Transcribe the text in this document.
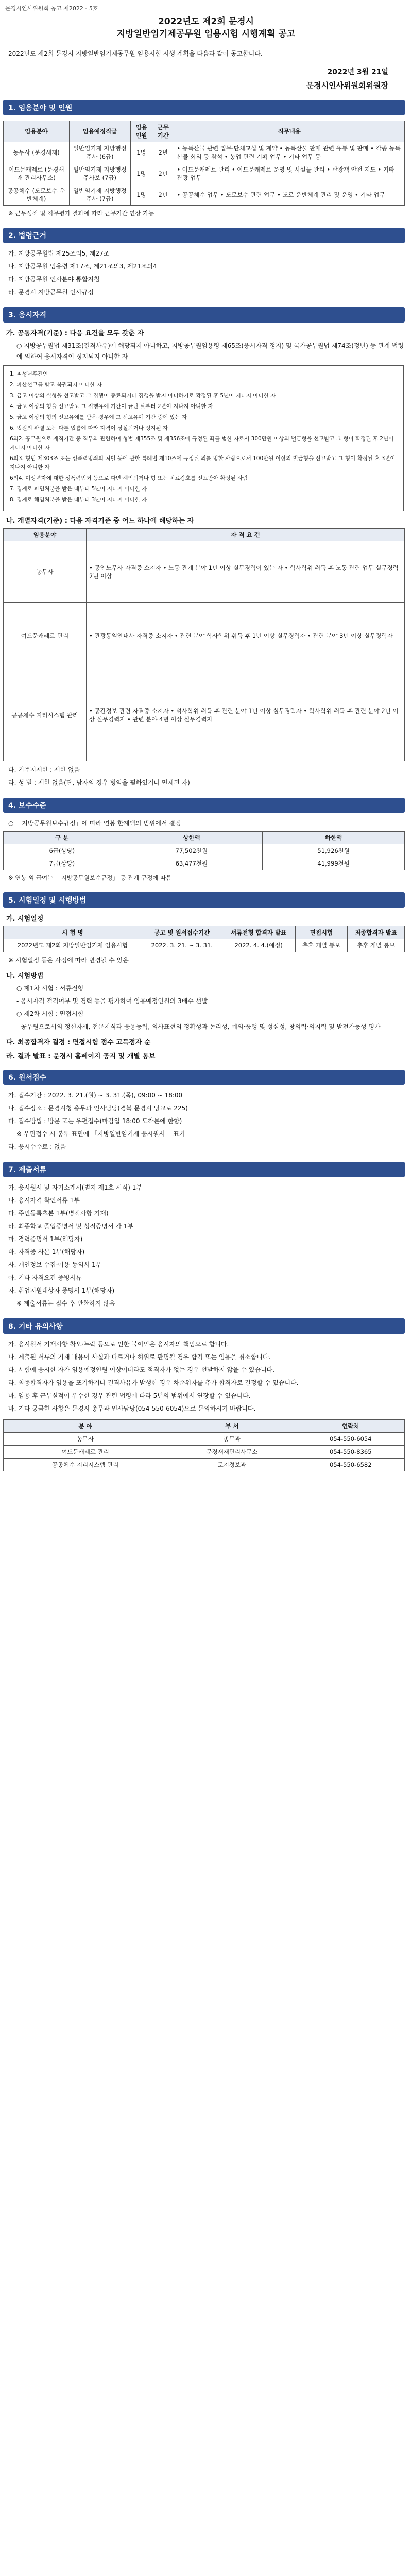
문경시인사위원회 공고 제2022 - 5호
2022년도 제2회 문경시
지방일반임기제공무원 임용시험 시행계획 공고
2022년도 제2회 문경시 지방일반임기제공무원 임용시험 시행 계획을 다음과 같이 공고합니다.
2022년 3월 21일
문경시인사위원회위원장
1. 임용분야 및 인원
임용분야	임용예정직급	임용인원	근무기간	직무내용
농무사 (문경새재)	일반임기제 지방행정주사 (6급)	1명	2년	• 농특산물 관련 업무·단체교섭 및 계약 • 농특산물 판매 관련 유통 및 판매 • 각종 농특산물 회의 등 참석 • 농업 관련 기획 업무 • 기타 업무 등
여드문캐레르 (문경새재 관리사무소)	일반임기제 지방행정주사보 (7급)	1명	2년	• 여드문캐레르 관리 • 여드문캐레르 운영 및 시설물 관리 • 관광객 안전 지도 • 기타 관광 업무
공공체수 (도로보수 운반체계)	일반임기제 지방행정주사 (7급)	1명	2년	• 공공체수 업무 • 도로보수 관련 업무 • 도로 운반체계 관리 및 운영 • 기타 업무
※ 근무성적 및 직무평가 결과에 따라 근무기간 연장 가능
2. 법령근거
가. 지방공무원법 제25조의5, 제27조
나. 지방공무원 임용령 제17조, 제21조의3, 제21조의4
다. 지방공무원 인사분야 통합지침
라. 문경시 지방공무원 인사규정
3. 응시자격
가. 공통자격(기준) : 다음 요건을 모두 갖춘 자
○ 지방공무원법 제31조(결격사유)에 해당되지 아니하고, 지방공무원임용령 제65조(응시자격 정지) 및 국가공무원법 제74조(정년) 등 관계 법령에 의하여 응시자격이 정지되지 아니한 자
1. 피성년후견인
2. 파산선고를 받고 복권되지 아니한 자
3. 금고 이상의 실형을 선고받고 그 집행이 종료되거나 집행을 받지 아니하기로 확정된 후 5년이 지나지 아니한 자
4. 금고 이상의 형을 선고받고 그 집행유예 기간이 끝난 날부터 2년이 지나지 아니한 자
5. 금고 이상의 형의 선고유예를 받은 경우에 그 선고유예 기간 중에 있는 자
6. 법원의 판결 또는 다른 법률에 따라 자격이 상실되거나 정지된 자
6의2. 공무원으로 재직기간 중 직무와 관련하여 형법 제355조 및 제356조에 규정된 죄를 범한 자로서 300만원 이상의 벌금형을 선고받고 그 형이 확정된 후 2년이 지나지 아니한 자
6의3. 형법 제303조 또는 성폭력범죄의 처벌 등에 관한 특례법 제10조에 규정된 죄를 범한 사람으로서 100만원 이상의 벌금형을 선고받고 그 형이 확정된 후 3년이 지나지 아니한 자
6의4. 미성년자에 대한 성폭력범죄 등으로 파면·해임되거나 형 또는 치료감호를 선고받아 확정된 사람
7. 징계로 파면처분을 받은 때부터 5년이 지나지 아니한 자
8. 징계로 해임처분을 받은 때부터 3년이 지나지 아니한 자
나. 개별자격(기준) : 다음 자격기준 중 어느 하나에 해당하는 자
임용분야	자 격 요 건
농무사	• 공인노무사 자격증 소지자 • 노동 관계 분야 1년 이상 실무경력이 있는 자 • 학사학위 취득 후 노동 관련 업무 실무경력 2년 이상
여드문캐레르 관리	• 관광통역안내사 자격증 소지자 • 관련 분야 학사학위 취득 후 1년 이상 실무경력자 • 관련 분야 3년 이상 실무경력자
공공체수 지리시스템 관리	• 공간정보 관련 자격증 소지자 • 석사학위 취득 후 관련 분야 1년 이상 실무경력자 • 학사학위 취득 후 관련 분야 2년 이상 실무경력자 • 관련 분야 4년 이상 실무경력자
다. 거주지제한 : 제한 없음
라. 성 별 : 제한 없음(단, 남자의 경우 병역을 필하였거나 면제된 자)
4. 보수수준
○ 「지방공무원보수규정」에 따라 연봉 한계액의 범위에서 결정
구 분	상한액	하한액
6급(상당)	77,502천원	51,926천원
7급(상당)	63,477천원	41,999천원
※ 연봉 외 급여는 「지방공무원보수규정」 등 관계 규정에 따름
5. 시험일정 및 시행방법
가. 시험일정
시 험 명	공고 및 원서접수기간	서류전형 합격자 발표	면접시험	최종합격자 발표
2022년도 제2회 지방일반임기제 임용시험	2022. 3. 21. ~ 3. 31.	2022. 4. 4.(예정)	추후 개별 통보	추후 개별 통보
※ 시험일정 등은 사정에 따라 변경될 수 있음
나. 시험방법
○ 제1차 시험 : 서류전형
- 응시자격 적격여부 및 경력 등을 평가하여 임용예정인원의 3배수 선발
○ 제2차 시험 : 면접시험
- 공무원으로서의 정신자세, 전문지식과 응용능력, 의사표현의 정확성과 논리성, 예의·품행 및 성실성, 창의력·의지력 및 발전가능성 평가
다. 최종합격자 결정 : 면접시험 점수 고득점자 순
라. 결과 발표 : 문경시 홈페이지 공지 및 개별 통보
6. 원서접수
가. 접수기간 : 2022. 3. 21.(월) ~ 3. 31.(목), 09:00 ~ 18:00
나. 접수장소 : 문경시청 총무과 인사담당(경북 문경시 당교로 225)
다. 접수방법 : 방문 또는 우편접수(마감일 18:00 도착분에 한함)
※ 우편접수 시 봉투 표면에 「지방일반임기제 응시원서」 표기
라. 응시수수료 : 없음
7. 제출서류
가. 응시원서 및 자기소개서(별지 제1호 서식) 1부
나. 응시자격 확인서류 1부
다. 주민등록초본 1부(병적사항 기재)
라. 최종학교 졸업증명서 및 성적증명서 각 1부
마. 경력증명서 1부(해당자)
바. 자격증 사본 1부(해당자)
사. 개인정보 수집·이용 동의서 1부
아. 기타 자격요건 증빙서류
자. 취업지원대상자 증명서 1부(해당자)
※ 제출서류는 접수 후 반환하지 않음
8. 기타 유의사항
가. 응시원서 기재사항 착오·누락 등으로 인한 불이익은 응시자의 책임으로 합니다.
나. 제출된 서류의 기재 내용이 사실과 다르거나 허위로 판명될 경우 합격 또는 임용을 취소합니다.
다. 시험에 응시한 자가 임용예정인원 이상이더라도 적격자가 없는 경우 선발하지 않을 수 있습니다.
라. 최종합격자가 임용을 포기하거나 결격사유가 발생한 경우 차순위자를 추가 합격자로 결정할 수 있습니다.
마. 임용 후 근무실적이 우수한 경우 관련 법령에 따라 5년의 범위에서 연장할 수 있습니다.
바. 기타 궁금한 사항은 문경시 총무과 인사담당(054-550-6054)으로 문의하시기 바랍니다.
분 야	부 서	연락처
농무사	총무과	054-550-6054
여드문캐레르 관리	문경새재관리사무소	054-550-8365
공공체수 지리시스템 관리	토지정보과	054-550-6582
